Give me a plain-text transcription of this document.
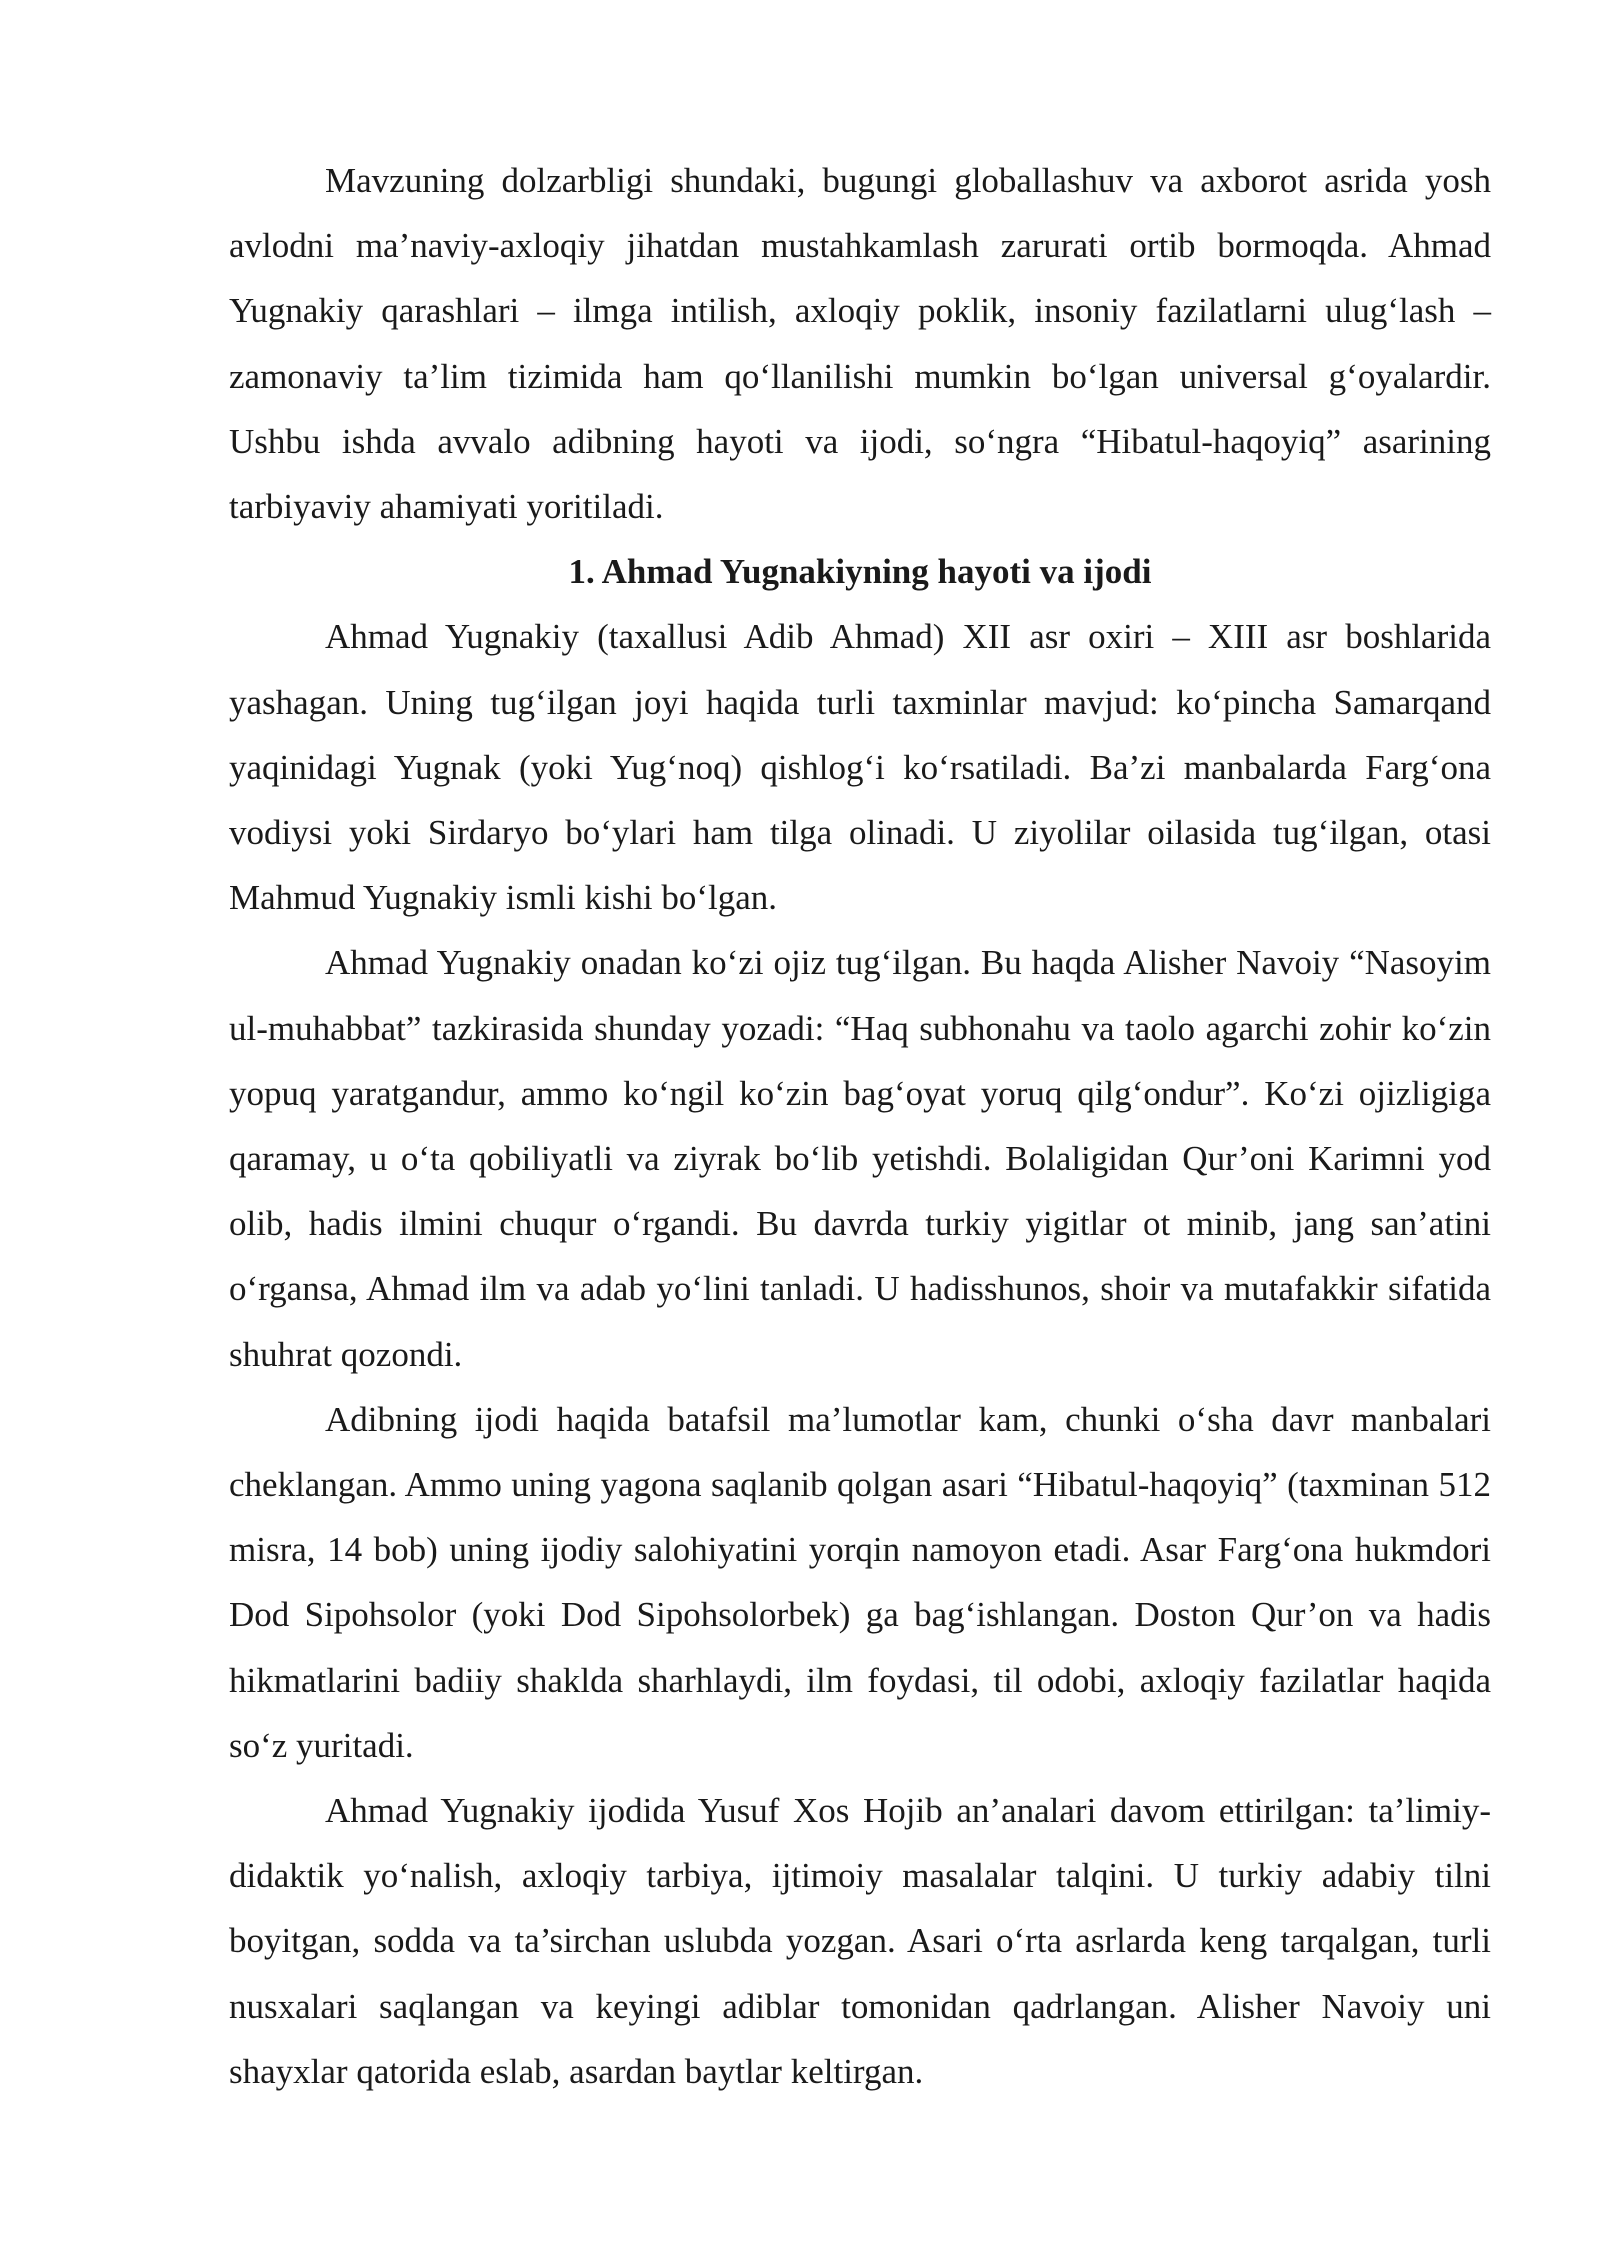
Mavzuning dolzarbligi shundaki, bugungi globallashuv va axborot asrida yosh avlodni ma’naviy-axloqiy jihatdan mustahkamlash zarurati ortib bormoqda. Ahmad Yugnakiy qarashlari – ilmga intilish, axloqiy poklik, insoniy fazilatlarni ulug‘lash – zamonaviy ta’lim tizimida ham qo‘llanilishi mumkin bo‘lgan universal g‘oyalardir. Ushbu ishda avvalo adibning hayoti va ijodi, so‘ngra “Hibatul-haqoyiq” asarining tarbiyaviy ahamiyati yoritiladi.

1. Ahmad Yugnakiyning hayoti va ijodi

Ahmad Yugnakiy (taxallusi Adib Ahmad) XII asr oxiri – XIII asr boshlarida yashagan. Uning tug‘ilgan joyi haqida turli taxminlar mavjud: ko‘pincha Samarqand yaqinidagi Yugnak (yoki Yug‘noq) qishlog‘i ko‘rsatiladi. Ba’zi manbalarda Farg‘ona vodiysi yoki Sirdaryo bo‘ylari ham tilga olinadi. U ziyolilar oilasida tug‘ilgan, otasi Mahmud Yugnakiy ismli kishi bo‘lgan.

Ahmad Yugnakiy onadan ko‘zi ojiz tug‘ilgan. Bu haqda Alisher Navoiy “Nasoyim ul-muhabbat” tazkirasida shunday yozadi: “Haq subhonahu va taolo agarchi zohir ko‘zin yopuq yaratgandur, ammo ko‘ngil ko‘zin bag‘oyat yoruq qilg‘ondur”. Ko‘zi ojizligiga qaramay, u o‘ta qobiliyatli va ziyrak bo‘lib yetishdi. Bolaligidan Qur’oni Karimni yod olib, hadis ilmini chuqur o‘rgandi. Bu davrda turkiy yigitlar ot minib, jang san’atini o‘rgansa, Ahmad ilm va adab yo‘lini tanladi. U hadisshunos, shoir va mutafakkir sifatida shuhrat qozondi.

Adibning ijodi haqida batafsil ma’lumotlar kam, chunki o‘sha davr manbalari cheklangan. Ammo uning yagona saqlanib qolgan asari “Hibatul-haqoyiq” (taxminan 512 misra, 14 bob) uning ijodiy salohiyatini yorqin namoyon etadi. Asar Farg‘ona hukmdori Dod Sipohsolor (yoki Dod Sipohsolorbek) ga bag‘ishlangan. Doston Qur’on va hadis hikmatlarini badiiy shaklda sharhlaydi, ilm foydasi, til odobi, axloqiy fazilatlar haqida so‘z yuritadi.

Ahmad Yugnakiy ijodida Yusuf Xos Hojib an’analari davom ettirilgan: ta’limiy-didaktik yo‘nalish, axloqiy tarbiya, ijtimoiy masalalar talqini. U turkiy adabiy tilni boyitgan, sodda va ta’sirchan uslubda yozgan. Asari o‘rta asrlarda keng tarqalgan, turli nusxalari saqlangan va keyingi adiblar tomonidan qadrlangan. Alisher Navoiy uni shayxlar qatorida eslab, asardan baytlar keltirgan.
